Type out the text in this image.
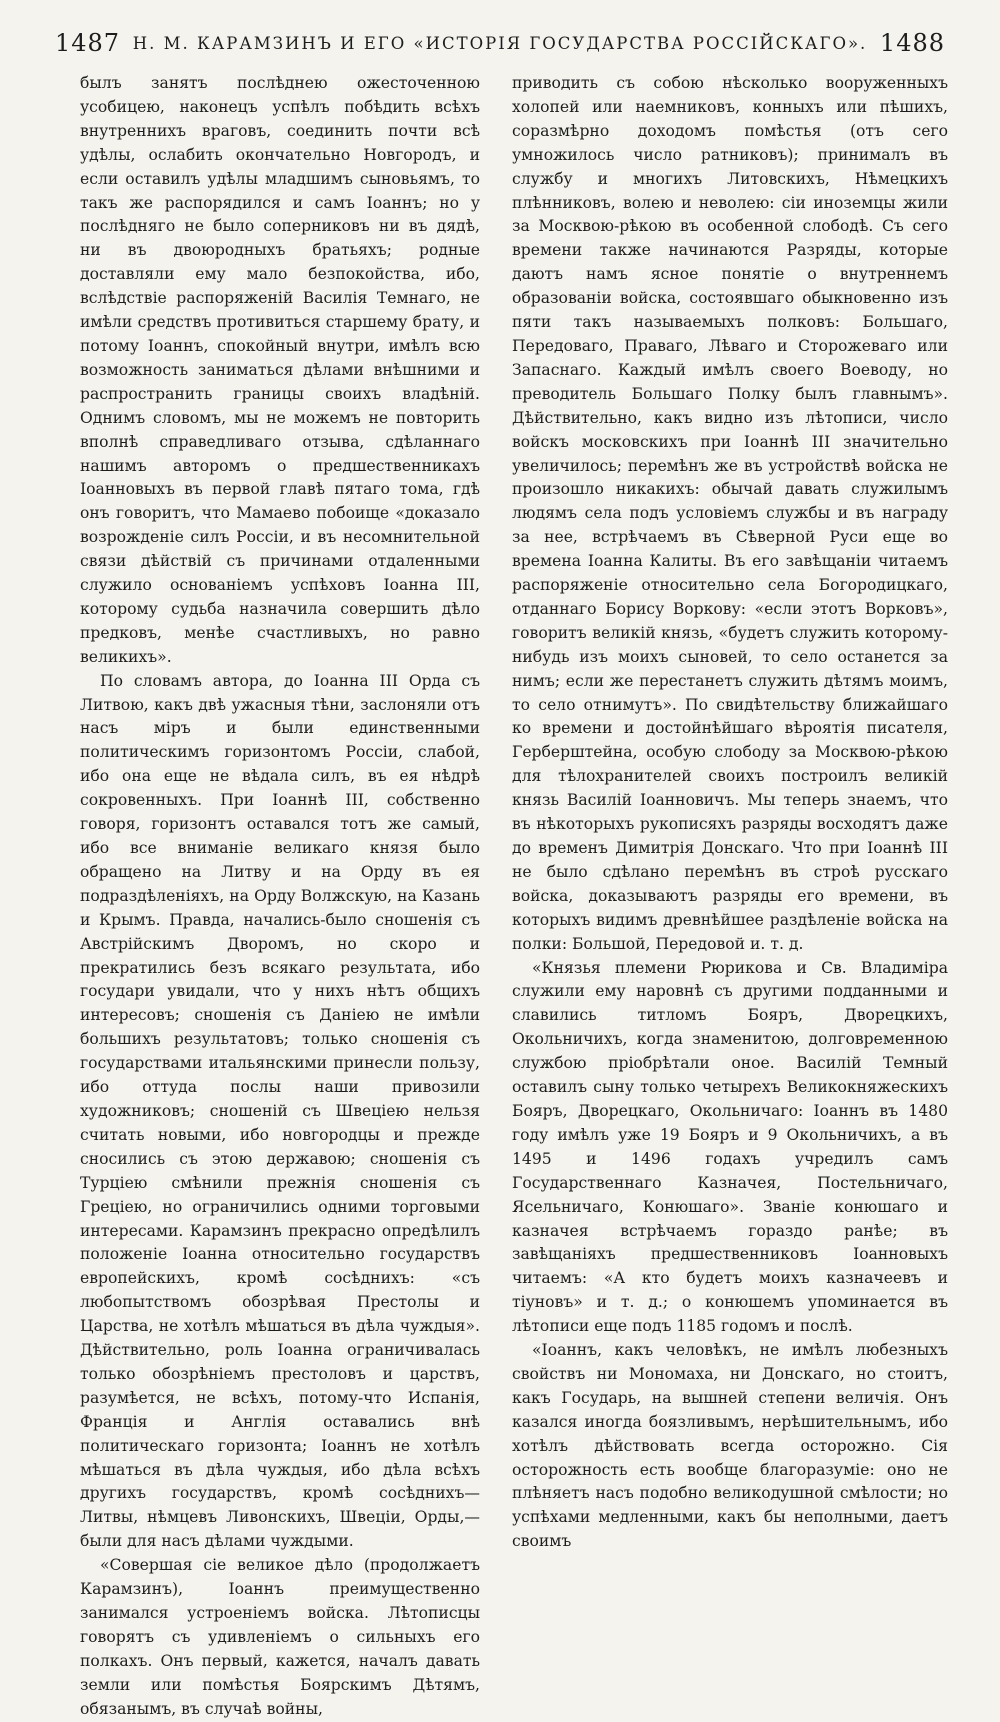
1487 Н. М. КАРАМЗИНЪ И ЕГО «ИСТОРІЯ ГОСУДАРСТВА РОССІЙСКАГО». 1488

былъ занятъ послѣднею ожесточенною усобицею, наконецъ успѣлъ побѣдить всѣхъ внутреннихъ враговъ, соединить почти всѣ удѣлы, ослабить окончательно Новгородъ, и если оставилъ удѣлы младшимъ сыновьямъ, то такъ же распорядился и самъ Іоаннъ; но у послѣдняго не было соперниковъ ни въ дядѣ, ни въ двоюродныхъ братьяхъ; родные доставляли ему мало безпокойства, ибо, вслѣдствіе распоряженій Василія Темнаго, не имѣли средствъ противиться старшему брату, и потому Іоаннъ, спокойный внутри, имѣлъ всю возможность заниматься дѣлами внѣшними и распространить границы своихъ владѣній. Однимъ словомъ, мы не можемъ не повторить вполнѣ справедливаго отзыва, сдѣланнаго нашимъ авторомъ о предшественникахъ Іоанновыхъ въ первой главѣ пятаго тома, гдѣ онъ говоритъ, что Мамаево побоище «доказало возрожденіе силъ Россіи, и въ несомнительной связи дѣйствій съ причинами отдаленными служило основаніемъ успѣховъ Іоанна III, которому судьба назначила совершить дѣло предковъ, менѣе счастливыхъ, но равно великихъ».

По словамъ автора, до Іоанна III Орда съ Литвою, какъ двѣ ужасныя тѣни, заслоняли отъ насъ міръ и были единственными политическимъ горизонтомъ Россіи, слабой, ибо она еще не вѣдала силъ, въ ея нѣдрѣ сокровенныхъ. При Іоаннѣ III, собственно говоря, горизонтъ оставался тотъ же самый, ибо все вниманіе великаго князя было обращено на Литву и на Орду въ ея подраздѣленіяхъ, на Орду Волжскую, на Казань и Крымъ. Правда, начались-было сношенія съ Австрійскимъ Дворомъ, но скоро и прекратились безъ всякаго результата, ибо государи увидали, что у нихъ нѣтъ общихъ интересовъ; сношенія съ Даніею не имѣли большихъ результатовъ; только сношенія съ государствами итальянскими принесли пользу, ибо оттуда послы наши привозили художниковъ; сношеній съ Швеціею нельзя считать новыми, ибо новгородцы и прежде сносились съ этою державою; сношенія съ Турціею смѣнили прежнія сношенія съ Греціею, но ограничились одними торговыми интересами. Карамзинъ прекрасно опредѣлилъ положеніе Іоанна относительно государствъ европейскихъ, кромѣ сосѣднихъ: «съ любопытствомъ обозрѣвая Престолы и Царства, не хотѣлъ мѣшаться въ дѣла чуждыя». Дѣйствительно, роль Іоанна ограничивалась только обозрѣніемъ престоловъ и царствъ, разумѣется, не всѣхъ, потому-что Испанія, Франція и Англія оставались внѣ политическаго горизонта; Іоаннъ не хотѣлъ мѣшаться въ дѣла чуждыя, ибо дѣла всѣхъ другихъ государствъ, кромѣ сосѣднихъ— Литвы, нѣмцевъ Ливонскихъ, Швеціи, Орды,—были для насъ дѣлами чуждыми.

«Совершая сіе великое дѣло (продолжаетъ Карамзинъ), Іоаннъ преимущественно занимался устроеніемъ войска. Лѣтописцы говорятъ съ удивленіемъ о сильныхъ его полкахъ. Онъ первый, кажется, началъ давать земли или помѣстья Боярскимъ Дѣтямъ, обязанымъ, въ случаѣ войны,

приводить съ собою нѣсколько вооруженныхъ холопей или наемниковъ, конныхъ или пѣшихъ, соразмѣрно доходомъ помѣстья (отъ сего умножилось число ратниковъ); принималъ въ службу и многихъ Литовскихъ, Нѣмецкихъ плѣнниковъ, волею и неволею: сіи иноземцы жили за Москвою-рѣкою въ особенной слободѣ. Съ сего времени также начинаются Разряды, которые даютъ намъ ясное понятіе о внутреннемъ образованіи войска, состоявшаго обыкновенно изъ пяти такъ называемыхъ полковъ: Большаго, Передоваго, Праваго, Лѣваго и Сторожеваго или Запаснаго. Каждый имѣлъ своего Воеводу, но преводитель Большаго Полку былъ главнымъ». Дѣйствительно, какъ видно изъ лѣтописи, число войскъ московскихъ при Іоаннѣ III значительно увеличилось; перемѣнъ же въ устройствѣ войска не произошло никакихъ: обычай давать служилымъ людямъ села подъ условіемъ службы и въ награду за нее, встрѣчаемъ въ Сѣверной Руси еще во времена Іоанна Калиты. Въ его завѣщаніи читаемъ распоряженіе относительно села Богородицкаго, отданнаго Борису Воркову: «если этотъ Ворковъ», говоритъ великій князь, «будетъ служить которому-нибудь изъ моихъ сыновей, то село останется за нимъ; если же перестанетъ служить дѣтямъ моимъ, то село отнимутъ». По свидѣтельству ближайшаго ко времени и достойнѣйшаго вѣроятія писателя, Герберштейна, особую слободу за Москвою-рѣкою для тѣлохранителей своихъ построилъ великій князь Василій Іоанновичъ. Мы теперь знаемъ, что въ нѣкоторыхъ рукописяхъ разряды восходятъ даже до временъ Димитрія Донскаго. Что при Іоаннѣ III не было сдѣлано перемѣнъ въ строѣ русскаго войска, доказываютъ разряды его времени, въ которыхъ видимъ древнѣйшее раздѣленіе войска на полки: Большой, Передовой и. т. д.

«Князья племени Рюрикова и Св. Владиміра служили ему наровнѣ съ другими подданными и славились титломъ Бояръ, Дворецкихъ, Окольничихъ, когда знаменитою, долговременною службою пріобрѣтали оное. Василій Темный оставилъ сыну только четырехъ Великокняжескихъ Бояръ, Дворецкаго, Окольничаго: Іоаннъ въ 1480 году имѣлъ уже 19 Бояръ и 9 Окольничихъ, а въ 1495 и 1496 годахъ учредилъ самъ Государственнаго Казначея, Постельничаго, Ясельничаго, Конюшаго». Званіе конюшаго и казначея встрѣчаемъ гораздо ранѣе; въ завѣщаніяхъ предшественниковъ Іоанновыхъ читаемъ: «А кто будетъ моихъ казначеевъ и тіуновъ» и т. д.; о конюшемъ упоминается въ лѣтописи еще подъ 1185 годомъ и послѣ.

«Іоаннъ, какъ человѣкъ, не имѣлъ любезныхъ свойствъ ни Мономаха, ни Донскаго, но стоитъ, какъ Государь, на вышней степени величія. Онъ казался иногда боязливымъ, нерѣшительнымъ, ибо хотѣлъ дѣйствовать всегда осторожно. Сія осторожность есть вообще благоразуміе: оно не плѣняетъ насъ подобно великодушной смѣлости; но успѣхами медленными, какъ бы неполными, даетъ своимъ
